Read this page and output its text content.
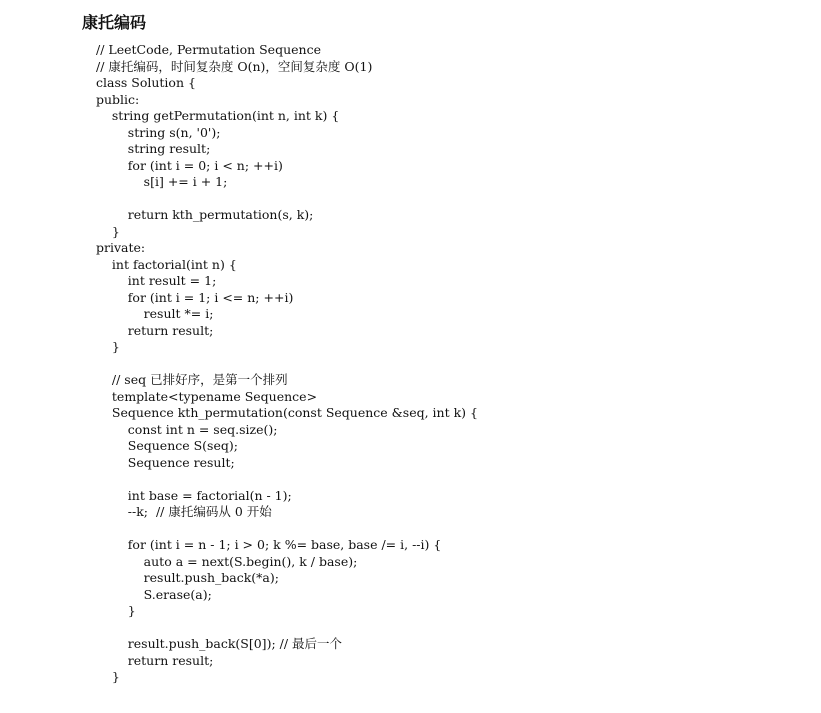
康托编码
// LeetCode, Permutation Sequence
// 康托编码，时间复杂度 O(n)，空间复杂度 O(1)
class Solution {
public:
string getPermutation(int n, int k) {
string s(n, '0');
string result;
for (int i = 0; i < n; ++i)
s[i] += i + 1;
return kth_permutation(s, k);
}
private:
int factorial(int n) {
int result = 1;
for (int i = 1; i <= n; ++i)
result *= i;
return result;
}
// seq 已排好序，是第一个排列
template<typename Sequence>
Sequence kth_permutation(const Sequence &seq, int k) {
const int n = seq.size();
Sequence S(seq);
Sequence result;
int base = factorial(n - 1);
--k;  // 康托编码从 0 开始
for (int i = n - 1; i > 0; k %= base, base /= i, --i) {
auto a = next(S.begin(), k / base);
result.push_back(*a);
S.erase(a);
}
result.push_back(S[0]); // 最后一个
return result;
}
